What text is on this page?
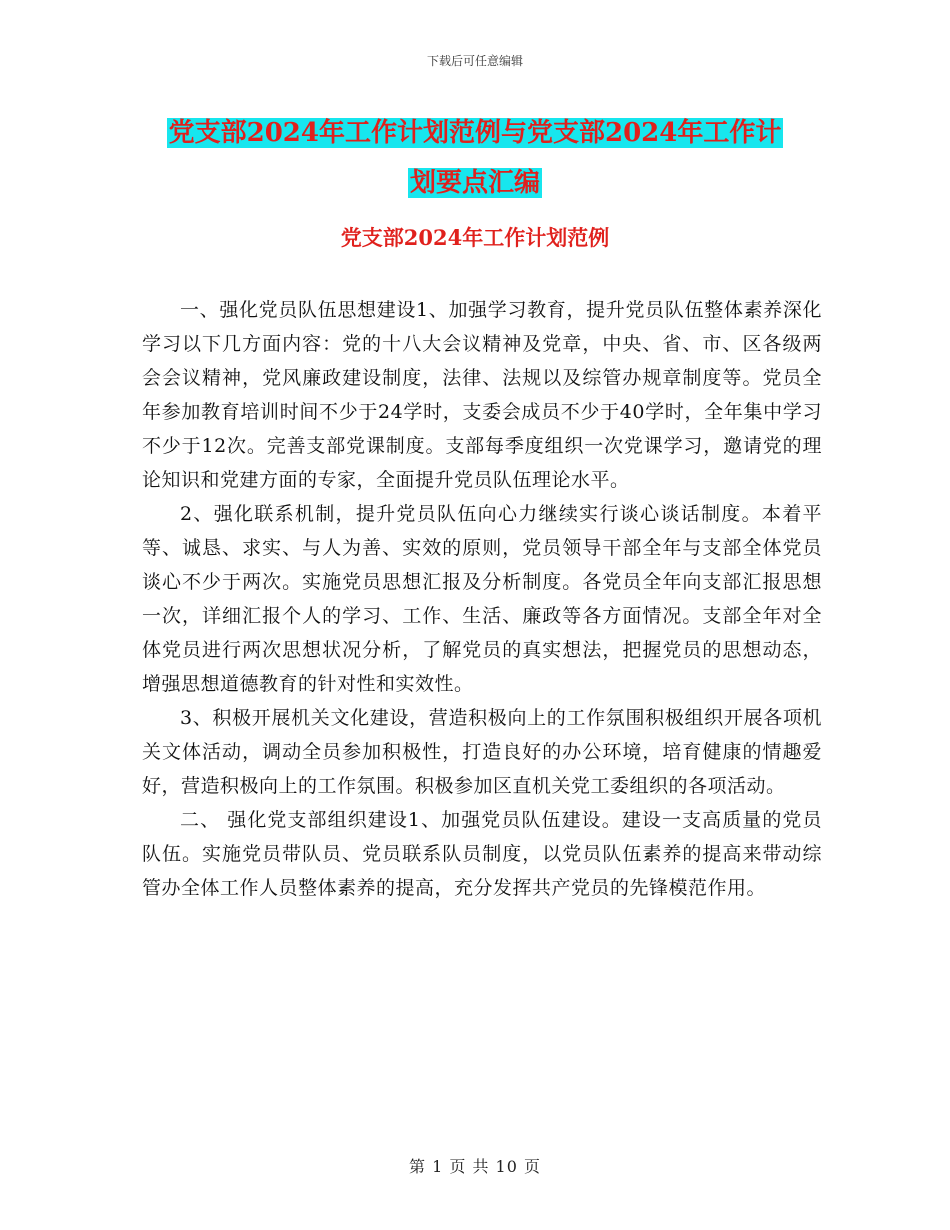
下载后可任意编辑
党支部2024年工作计划范例与党支部2024年工作计
划要点汇编
党支部2024年工作计划范例

一、强化党员队伍思想建设1、加强学习教育，提升党员队伍整体素养深化学习以下几方面内容：党的十八大会议精神及党章，中央、省、市、区各级两会会议精神，党风廉政建设制度，法律、法规以及综管办规章制度等。党员全年参加教育培训时间不少于24学时，支委会成员不少于40学时，全年集中学习不少于12次。完善支部党课制度。支部每季度组织一次党课学习，邀请党的理论知识和党建方面的专家，全面提升党员队伍理论水平。

2、强化联系机制，提升党员队伍向心力继续实行谈心谈话制度。本着平等、诚恳、求实、与人为善、实效的原则，党员领导干部全年与支部全体党员谈心不少于两次。实施党员思想汇报及分析制度。各党员全年向支部汇报思想一次，详细汇报个人的学习、工作、生活、廉政等各方面情况。支部全年对全体党员进行两次思想状况分析，了解党员的真实想法，把握党员的思想动态，增强思想道德教育的针对性和实效性。

3、积极开展机关文化建设，营造积极向上的工作氛围积极组织开展各项机关文体活动，调动全员参加积极性，打造良好的办公环境，培育健康的情趣爱好，营造积极向上的工作氛围。积极参加区直机关党工委组织的各项活动。

二、 强化党支部组织建设1、加强党员队伍建设。建设一支高质量的党员队伍。实施党员带队员、党员联系队员制度，以党员队伍素养的提高来带动综管办全体工作人员整体素养的提高，充分发挥共产党员的先锋模范作用。

第 1 页 共 10 页
